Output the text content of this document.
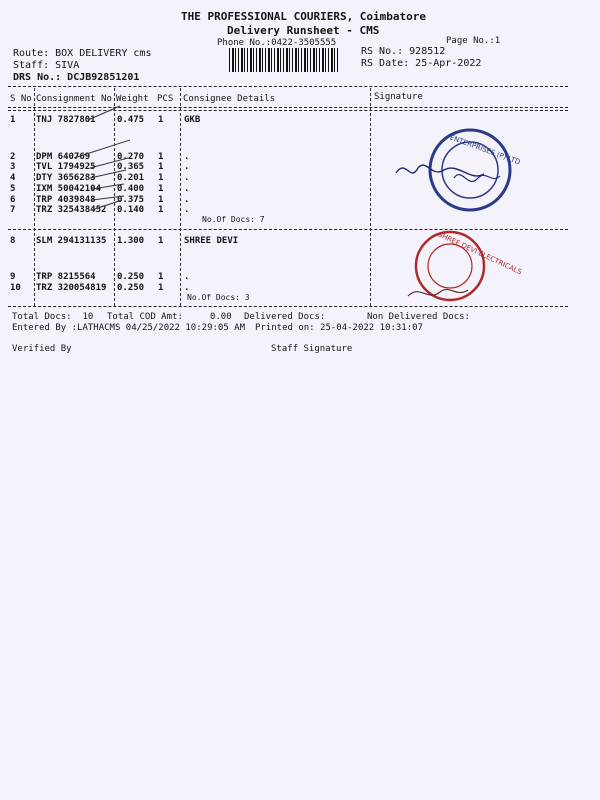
THE PROFESSIONAL COURIERS, Coimbatore
Delivery Runsheet - CMS
Phone No.:0422-3505555	Page No.:1
Route: BOX DELIVERY cms
Staff: SIVA
DRS No.: DCJB92851201
RS No.: 928512
RS Date: 25-Apr-2022
S No Consignment No Weight PCS Consignee Details	Signature
1 TNJ 7827801 0.475 1 GKB
2 DPM 640769	0.270 1 .
3 TVL 1794925 0.365 1 .
4 DTY 3656283 0.201 1 .
5 IXM 50042104 0.400 1 .
6 TRP 4039848 0.375 1 .
7 TRZ 325438452 0.140 1 .
No.Of Docs: 7
8 SLM 294131135 1.300 1 SHREE DEVI
9 TRP 8215564 0.250 1 .
10 TRZ 320054819 0.250 1 .
No.Of Docs: 3
ENTERPRISES (P) LTD
SHREE DEVI ELECTRICALS
Total Docs:  10 Total COD Amt:     0.00 Delivered Docs:	Non Delivered Docs:
Entered By :LATHACMS 04/25/2022 10:29:05 AM Printed on: 25-04-2022 10:31:07
Verified By	Staff Signature
